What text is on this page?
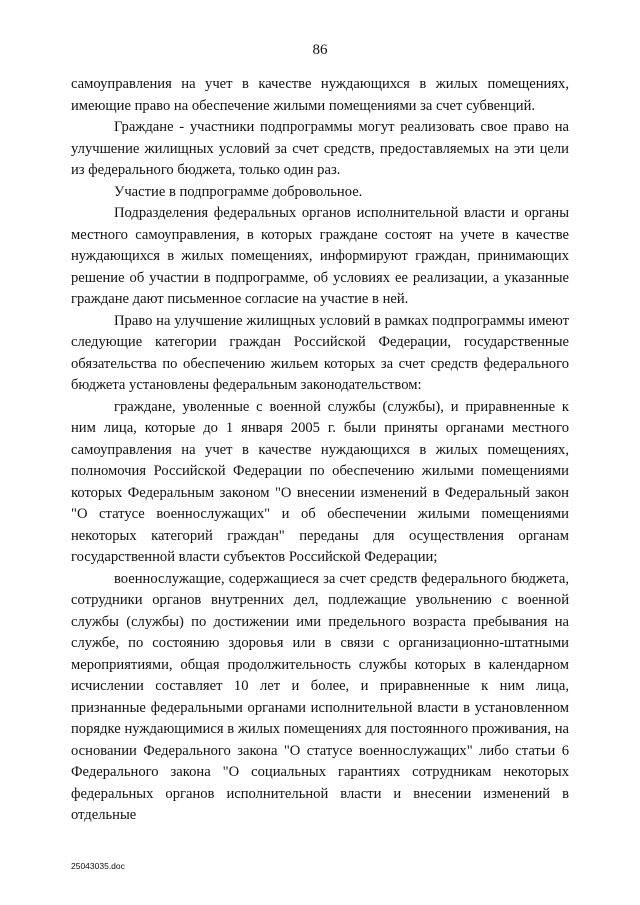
86

самоуправления на учет в качестве нуждающихся в жилых помещениях, имеющие право на обеспечение жилыми помещениями за счет субвенций.

Граждане - участники подпрограммы могут реализовать свое право на улучшение жилищных условий за счет средств, предоставляемых на эти цели из федерального бюджета, только один раз.

Участие в подпрограмме добровольное.

Подразделения федеральных органов исполнительной власти и органы местного самоуправления, в которых граждане состоят на учете в качестве нуждающихся в жилых помещениях, информируют граждан, принимающих решение об участии в подпрограмме, об условиях ее реализации, а указанные граждане дают письменное согласие на участие в ней.

Право на улучшение жилищных условий в рамках подпрограммы имеют следующие категории граждан Российской Федерации, государственные обязательства по обеспечению жильем которых за счет средств федерального бюджета установлены федеральным законодательством:

граждане, уволенные с военной службы (службы), и приравненные к ним лица, которые до 1 января 2005 г. были приняты органами местного самоуправления на учет в качестве нуждающихся в жилых помещениях, полномочия Российской Федерации по обеспечению жилыми помещениями которых Федеральным законом "О внесении изменений в Федеральный закон "О статусе военнослужащих" и об обеспечении жилыми помещениями некоторых категорий граждан" переданы для осуществления органам государственной власти субъектов Российской Федерации;

военнослужащие, содержащиеся за счет средств федерального бюджета, сотрудники органов внутренних дел, подлежащие увольнению с военной службы (службы) по достижении ими предельного возраста пребывания на службе, по состоянию здоровья или в связи с организационно-штатными мероприятиями, общая продолжительность службы которых в календарном исчислении составляет 10 лет и более, и приравненные к ним лица, признанные федеральными органами исполнительной власти в установленном порядке нуждающимися в жилых помещениях для постоянного проживания, на основании Федерального закона "О статусе военнослужащих" либо статьи 6 Федерального закона "О социальных гарантиях сотрудникам некоторых федеральных органов исполнительной власти и внесении изменений в отдельные

25043035.doc
